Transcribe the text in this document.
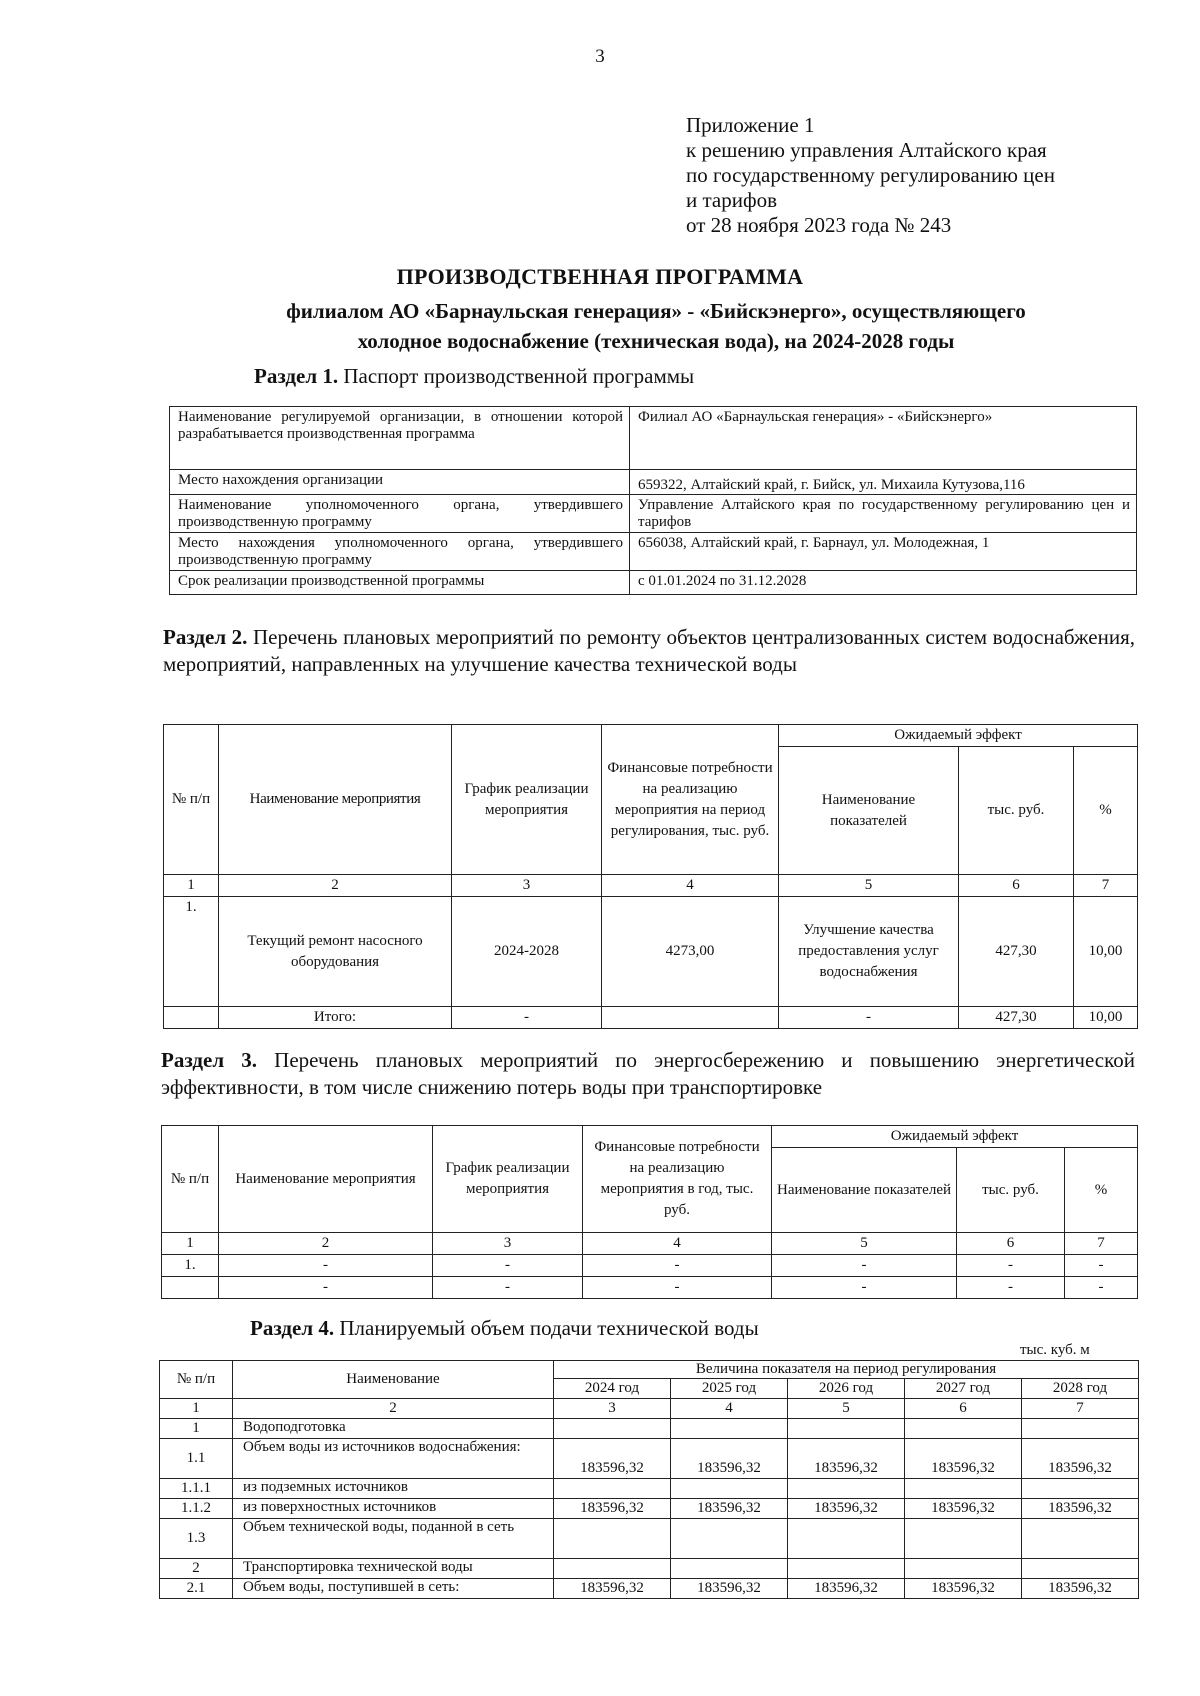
3
Приложение 1
к решению управления Алтайского края
по государственному регулированию цен
и тарифов
от 28 ноября 2023 года № 243
ПРОИЗВОДСТВЕННАЯ ПРОГРАММА
филиалом АО «Барнаульская генерация» - «Бийскэнерго», осуществляющего
холодное водоснабжение (техническая вода), на 2024-2028 годы
Раздел 1. Паспорт производственной программы
Наименование регулируемой организации, в отношении которой разрабатывается производственная программа	Филиал АО «Барнаульская генерация» - «Бийскэнерго»
Место нахождения организации	659322, Алтайский край, г. Бийск, ул. Михаила Кутузова,116
Наименование уполномоченного органа, утвердившего производственную программу	Управление Алтайского края по государственному регулированию цен и тарифов
Место нахождения уполномоченного органа, утвердившего производственную программу	656038, Алтайский край, г. Барнаул, ул. Молодежная, 1
Срок реализации производственной программы	с 01.01.2024 по 31.12.2028
Раздел 2. Перечень плановых мероприятий по ремонту объектов централизованных систем водоснабжения, мероприятий, направленных на улучшение качества технической воды
№ п/п	Наименование мероприятия	График реализации мероприятия	Финансовые потребности на реализацию мероприятия на период регулирования, тыс. руб.	Ожидаемый эффект		
				Наименование показателей	тыс. руб.	%
1	2	3	4	5	6	7
1.	Текущий ремонт насосного оборудования	2024-2028	4273,00	Улучшение качества предоставления услуг водоснабжения	427,30	10,00
	Итого:	-		-	427,30	10,00
Раздел 3. Перечень плановых мероприятий по энергосбережению и повышению энергетической эффективности, в том числе снижению потерь воды при транспортировке
№ п/п	Наименование мероприятия	График реализации мероприятия	Финансовые потребности на реализацию мероприятия в год, тыс. руб.	Ожидаемый эффект		
				Наименование показателей	тыс. руб.	%
1	2	3	4	5	6	7
1.	-	-	-	-	-	-
	-	-	-	-	-	-
Раздел 4. Планируемый объем подачи технической воды
тыс. куб. м
№ п/п	Наименование	Величина показателя на период регулирования				
		2024 год	2025 год	2026 год	2027 год	2028 год
1	2	3	4	5	6	7
1	Водоподготовка					
1.1	Объем воды из источников водоснабжения:	183596,32	183596,32	183596,32	183596,32	183596,32
1.1.1	из подземных источников					
1.1.2	из поверхностных источников	183596,32	183596,32	183596,32	183596,32	183596,32
1.3	Объем технической воды, поданной в сеть					
2	Транспортировка технической воды					
2.1	Объем воды, поступившей в сеть:	183596,32	183596,32	183596,32	183596,32	183596,32
